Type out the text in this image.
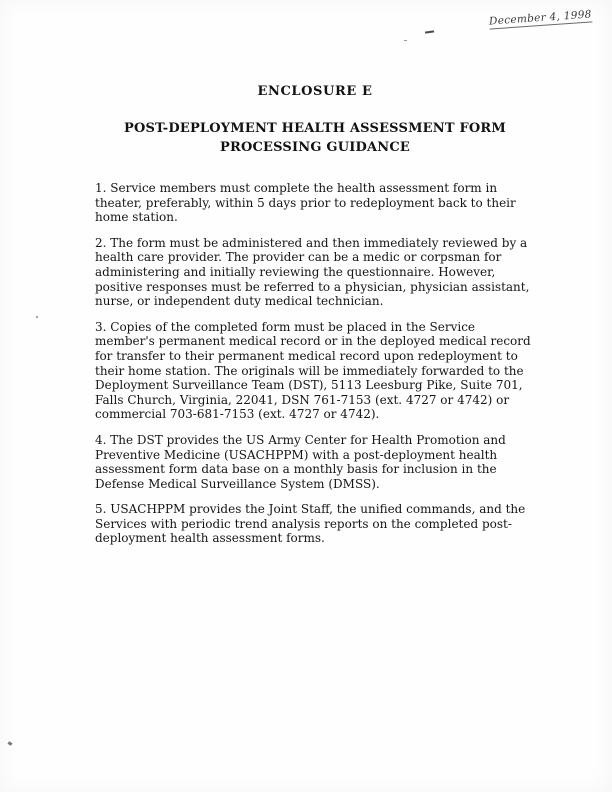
December 4, 1998
ENCLOSURE E
POST-DEPLOYMENT HEALTH ASSESSMENT FORM
PROCESSING GUIDANCE

1. Service members must complete the health assessment form in theater, preferably, within 5 days prior to redeployment back to their home station.

2. The form must be administered and then immediately reviewed by a health care provider. The provider can be a medic or corpsman for administering and initially reviewing the questionnaire. However, positive responses must be referred to a physician, physician assistant, nurse, or independent duty medical technician.

3. Copies of the completed form must be placed in the Service member's permanent medical record or in the deployed medical record for transfer to their permanent medical record upon redeployment to their home station. The originals will be immediately forwarded to the Deployment Surveillance Team (DST), 5113 Leesburg Pike, Suite 701, Falls Church, Virginia, 22041, DSN 761-7153 (ext. 4727 or 4742) or commercial 703-681-7153 (ext. 4727 or 4742).

4. The DST provides the US Army Center for Health Promotion and Preventive Medicine (USACHPPM) with a post-deployment health assessment form data base on a monthly basis for inclusion in the Defense Medical Surveillance System (DMSS).

5. USACHPPM provides the Joint Staff, the unified commands, and the Services with periodic trend analysis reports on the completed post-deployment health assessment forms.
